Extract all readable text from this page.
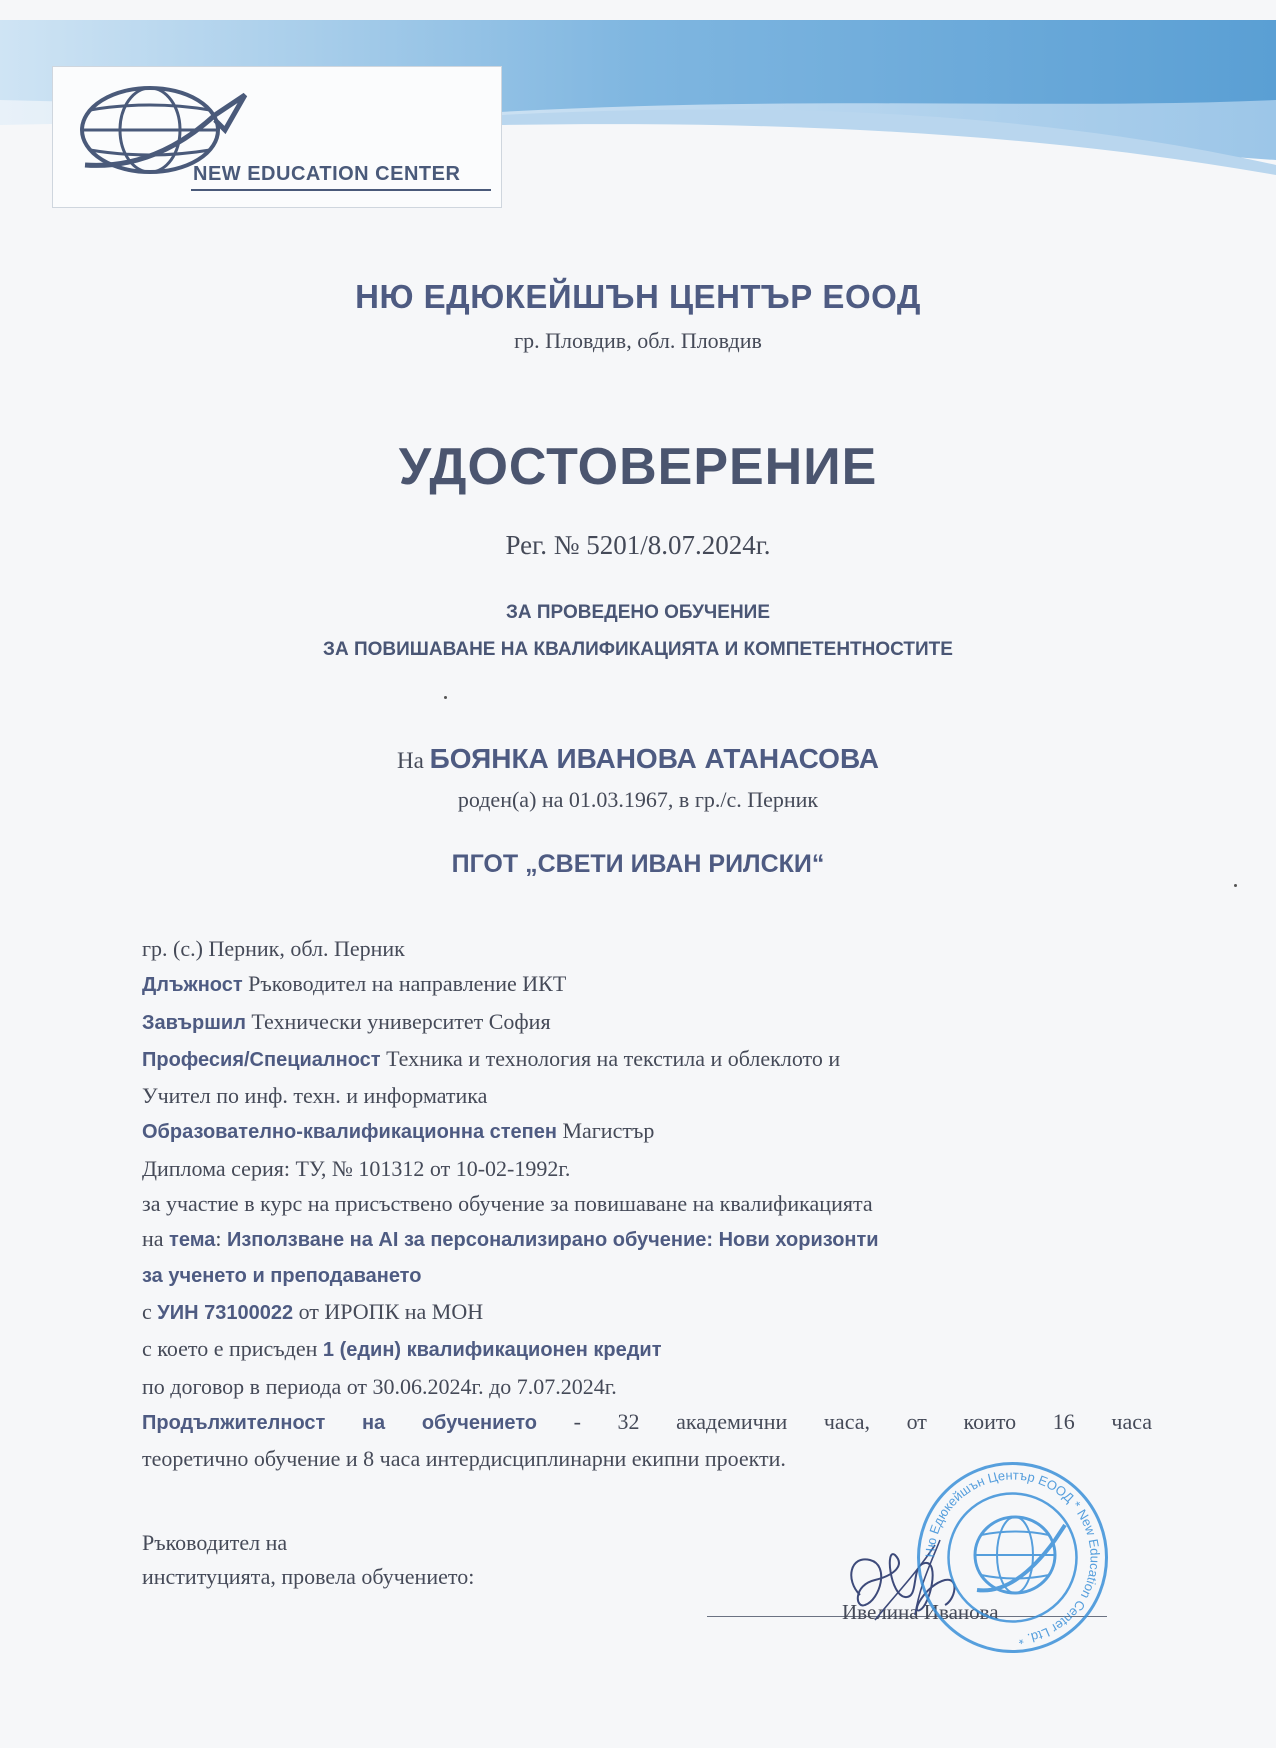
NEW EDUCATION CENTER
НЮ ЕДЮКЕЙШЪН ЦЕНТЪР ЕООД
гр. Пловдив, обл. Пловдив
УДОСТОВЕРЕНИЕ
Рег. № 5201/8.07.2024г.
ЗА ПРОВЕДЕНО ОБУЧЕНИЕ
ЗА ПОВИШАВАНЕ НА КВАЛИФИКАЦИЯТА И КОМПЕТЕНТНОСТИТЕ
На БОЯНКА ИВАНОВА АТАНАСОВА
роден(а) на 01.03.1967, в гр./с. Перник
ПГОТ „СВЕТИ ИВАН РИЛСКИ“
гр. (с.) Перник, обл. Перник
Длъжност Ръководител на направление ИКТ
Завършил Технически университет София
Професия/Специалност Техника и технология на текстила и облеклото и
Учител по инф. техн. и информатика
Образователно-квалификационна степен Магистър
Диплома серия: ТУ, № 101312 от 10-02-1992г.
за участие в курс на присъствено обучение за повишаване на квалификацията
на тема: Използване на AI за персонализирано обучение: Нови хоризонти
за ученето и преподаването
с УИН 73100022 от ИРОПК на МОН
с което е присъден 1 (един) квалификационен кредит
по договор в периода от 30.06.2024г. до 7.07.2024г.
Продължителност на обучението - 32 академични часа, от които 16 часа
теоретично обучение и 8 часа интердисциплинарни екипни проекти.
Ръководител на
институцията, провела обучението:
Ивелина Иванова
Ню Едюкейшън Център ЕООД * New Education Center Ltd. *
